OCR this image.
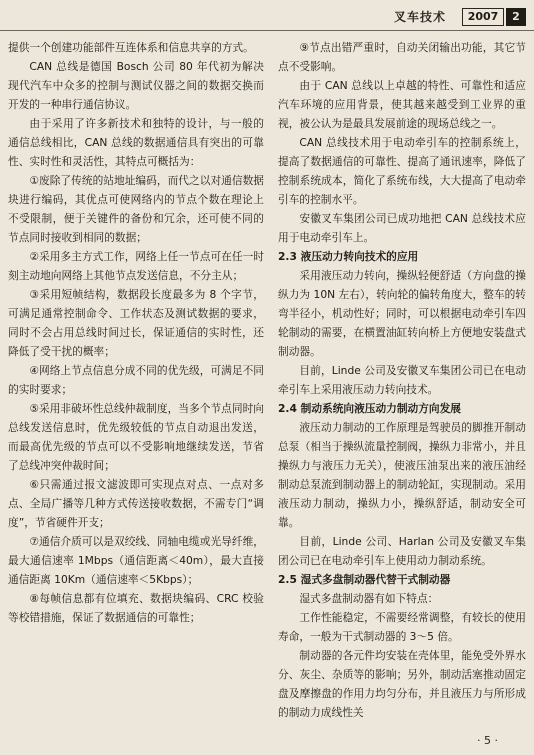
叉车技术	2007	2

提供一个创建功能部件互连体系和信息共享的方式。

CAN 总线是德国 Bosch 公司 80 年代初为解决现代汽车中众多的控制与测试仪器之间的数据交换而开发的一种串行通信协议。

由于采用了许多新技术和独特的设计，与一般的通信总线相比，CAN 总线的数据通信具有突出的可靠性、实时性和灵活性，其特点可概括为：

①废除了传统的站地址编码，而代之以对通信数据块进行编码，其优点可使网络内的节点个数在理论上不受限制，便于关键件的备份和冗余，还可使不同的节点同时接收到相同的数据；

②采用多主方式工作，网络上任一节点可在任一时刻主动地向网络上其他节点发送信息，不分主从；

③采用短帧结构，数据段长度最多为 8 个字节，可满足通常控制命令、工作状态及测试数据的要求，同时不会占用总线时间过长，保证通信的实时性，还降低了受干扰的概率；

④网络上节点信息分成不同的优先级，可满足不同的实时要求；

⑤采用非破坏性总线仲裁制度，当多个节点同时向总线发送信息时，优先级较低的节点自动退出发送，而最高优先级的节点可以不受影响地继续发送，节省了总线冲突仲裁时间；

⑥只需通过报文滤波即可实现点对点、一点对多点、全局广播等几种方式传送接收数据，不需专门“调度”，节省硬件开支；

⑦通信介质可以是双绞线、同轴电缆或光导纤维，最大通信速率 1Mbps（通信距离＜40m），最大直接通信距离 10Km（通信速率＜5Kbps）；

⑧每帧信息都有位填充、数据块编码、CRC 校验等校错措施，保证了数据通信的可靠性；

⑨节点出错严重时，自动关闭输出功能，其它节点不受影响。

由于 CAN 总线以上卓越的特性、可靠性和适应汽车环境的应用背景，使其越来越受到工业界的重视，被公认为是最具发展前途的现场总线之一。

CAN 总线技术用于电动牵引车的控制系统上，提高了数据通信的可靠性、提高了通讯速率，降低了控制系统成本，简化了系统布线，大大提高了电动牵引车的控制水平。

安徽叉车集团公司已成功地把 CAN 总线技术应用于电动牵引车上。

2.3 液压动力转向技术的应用

采用液压动力转向，操纵轻便舒适（方向盘的操纵力为 10N 左右），转向轮的偏转角度大，整车的转弯半径小，机动性好；同时，可以根据电动牵引车四轮制动的需要，在横置油缸转向桥上方便地安装盘式制动器。

目前，Linde 公司及安徽叉车集团公司已在电动牵引车上采用液压动力转向技术。

2.4 制动系统向液压动力制动方向发展

液压动力制动的工作原理是驾驶员的脚推开制动总泵（相当于操纵流量控制阀，操纵力非常小，并且操纵力与液压力无关），使液压油泵出来的液压油经制动总泵流到制动器上的制动轮缸，实现制动。采用液压动力制动，操纵力小，操纵舒适，制动安全可靠。

目前，Linde 公司、Harlan 公司及安徽叉车集团公司已在电动牵引车上使用动力制动系统。

2.5 湿式多盘制动器代替干式制动器

湿式多盘制动器有如下特点：

工作性能稳定，不需要经常调整，有较长的使用寿命，一般为干式制动器的 3～5 倍。

制动器的各元件均安装在壳体里，能免受外界水分、灰尘、杂质等的影响；另外，制动活塞推动固定盘及摩擦盘的作用力均匀分布，并且液压力与所形成的制动力成线性关

· 5 ·
